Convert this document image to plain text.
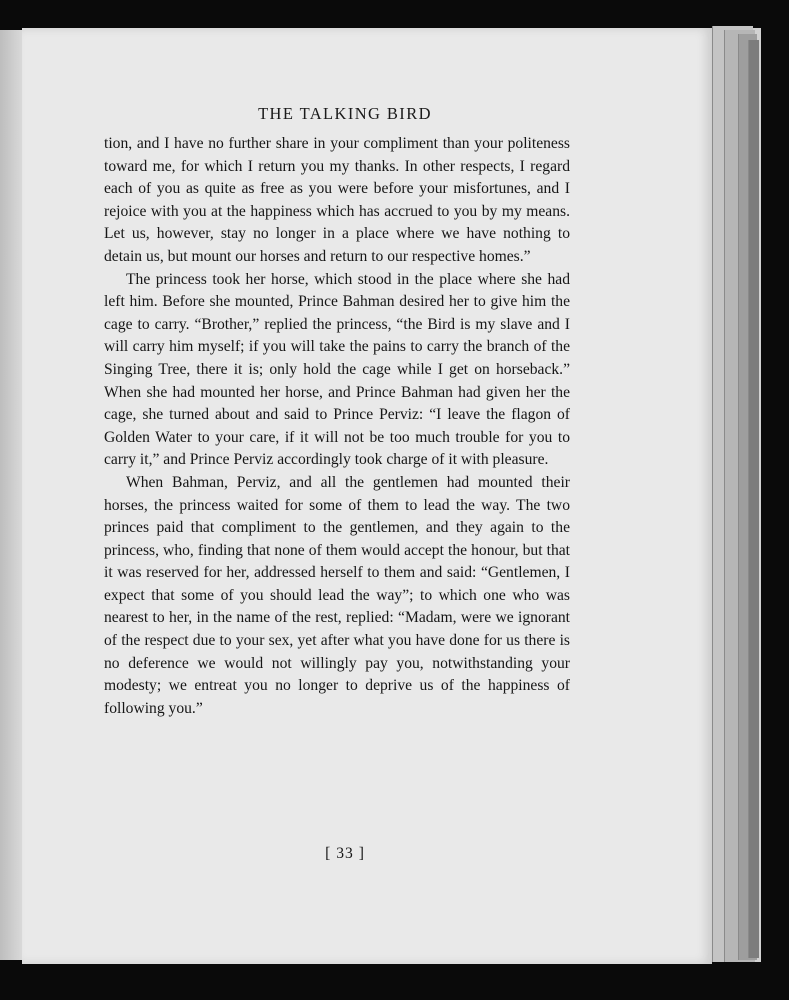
THE TALKING BIRD

tion, and I have no further share in your compliment than your politeness toward me, for which I return you my thanks. In other respects, I regard each of you as quite as free as you were before your misfortunes, and I rejoice with you at the happiness which has accrued to you by my means. Let us, however, stay no longer in a place where we have nothing to detain us, but mount our horses and return to our respective homes.”

The princess took her horse, which stood in the place where she had left him. Before she mounted, Prince Bahman desired her to give him the cage to carry. “Brother,” replied the princess, “the Bird is my slave and I will carry him myself; if you will take the pains to carry the branch of the Singing Tree, there it is; only hold the cage while I get on horseback.” When she had mounted her horse, and Prince Bahman had given her the cage, she turned about and said to Prince Perviz: “I leave the flagon of Golden Water to your care, if it will not be too much trouble for you to carry it,” and Prince Perviz accordingly took charge of it with pleasure.

When Bahman, Perviz, and all the gentlemen had mounted their horses, the princess waited for some of them to lead the way. The two princes paid that compliment to the gentlemen, and they again to the princess, who, finding that none of them would accept the honour, but that it was reserved for her, addressed herself to them and said: “Gentlemen, I expect that some of you should lead the way”; to which one who was nearest to her, in the name of the rest, replied: “Madam, were we ignorant of the respect due to your sex, yet after what you have done for us there is no deference we would not willingly pay you, notwithstanding your modesty; we entreat you no longer to deprive us of the happiness of following you.”

[ 33 ]
